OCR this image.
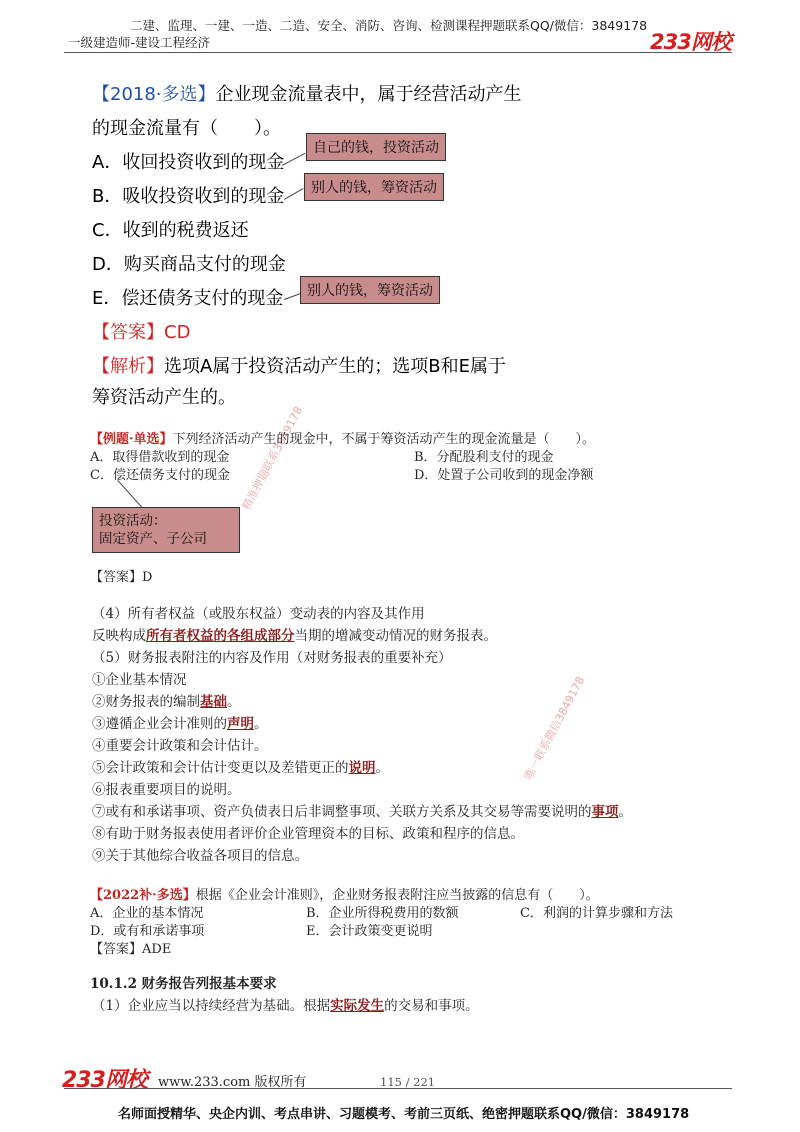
二建、监理、一建、一造、二造、安全、消防、咨询、检测课程押题联系QQ/微信：3849178
一级建造师-建设工程经济	233网校
【2018·多选】企业现金流量表中，属于经营活动产生
的现金流量有（　　）。
A．收回投资收到的现金
B．吸收投资收到的现金
C．收到的税费返还
D．购买商品支付的现金
E．偿还债务支付的现金
自己的钱，投资活动
别人的钱，筹资活动
别人的钱，筹资活动
【答案】CD
【解析】选项A属于投资活动产生的；选项B和E属于
筹资活动产生的。
精准押题联系3849178
唯一联系微信3849178
【例题·单选】下列经济活动产生的现金中，不属于筹资活动产生的现金流量是（　　）。
A．取得借款收到的现金	B．分配股利支付的现金
C．偿还债务支付的现金	D．处置子公司收到的现金净额
投资活动：
固定资产、子公司
【答案】D
（4）所有者权益（或股东权益）变动表的内容及其作用
反映构成所有者权益的各组成部分当期的增减变动情况的财务报表。
（5）财务报表附注的内容及作用（对财务报表的重要补充）
①企业基本情况
②财务报表的编制基础。
③遵循企业会计准则的声明。
④重要会计政策和会计估计。
⑤会计政策和会计估计变更以及差错更正的说明。
⑥报表重要项目的说明。
⑦或有和承诺事项、资产负债表日后非调整事项、关联方关系及其交易等需要说明的事项。
⑧有助于财务报表使用者评价企业管理资本的目标、政策和程序的信息。
⑨关于其他综合收益各项目的信息。
【2022补·多选】根据《企业会计准则》，企业财务报表附注应当披露的信息有（　　）。
A．企业的基本情况	B．企业所得税费用的数额	C．利润的计算步骤和方法
D．或有和承诺事项	E．会计政策变更说明
【答案】ADE
10.1.2 财务报告列报基本要求
（1）企业应当以持续经营为基础。根据实际发生的交易和事项。
233网校 www.233.com 版权所有	115 / 221
名师面授精华、央企内训、考点串讲、习题模考、考前三页纸、绝密押题联系QQ/微信：3849178
